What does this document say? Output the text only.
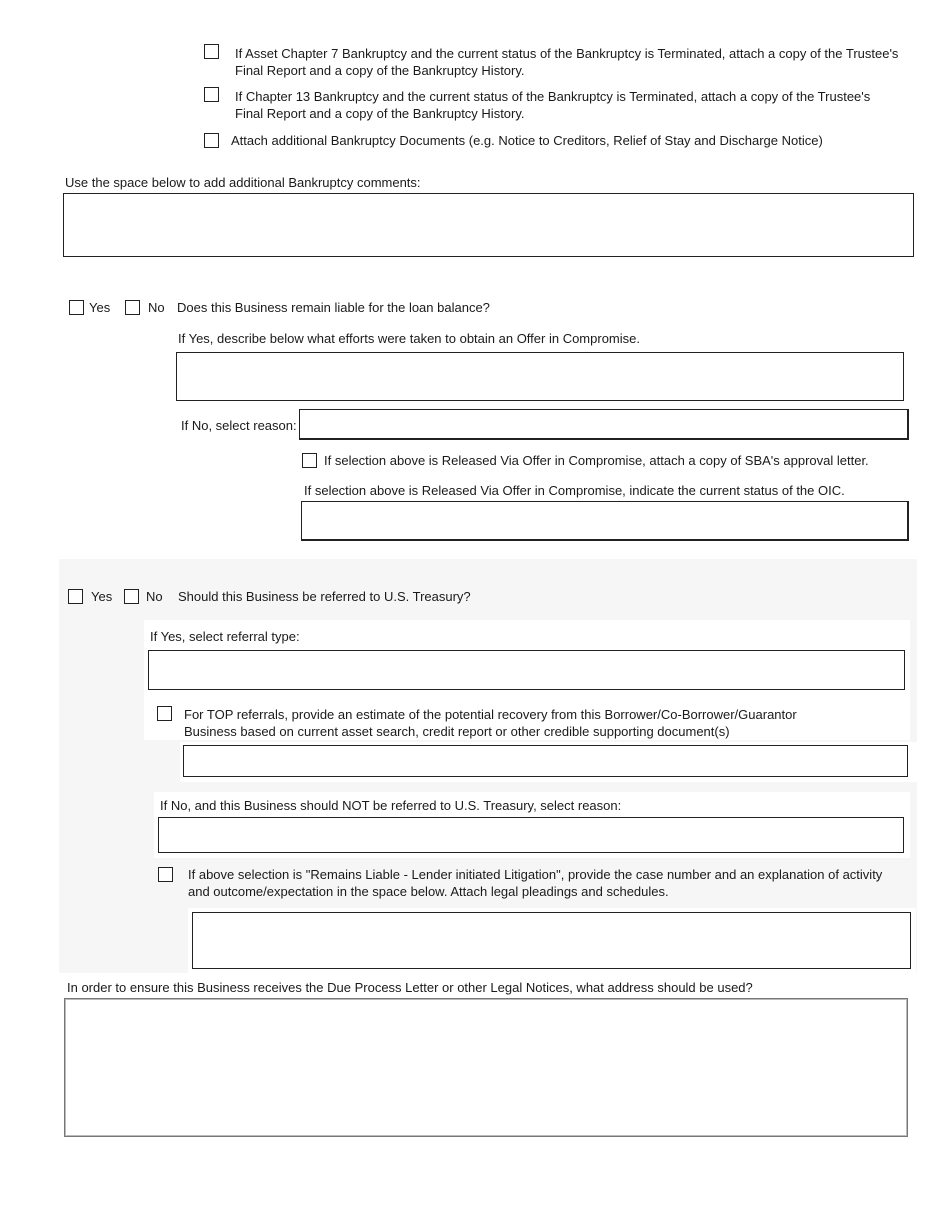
If Asset Chapter 7 Bankruptcy and the current status of the Bankruptcy is Terminated, attach a copy of the Trustee's
Final Report and a copy of the Bankruptcy History.
If Chapter 13 Bankruptcy and the current status of the Bankruptcy is Terminated, attach a copy of the Trustee's
Final Report and a copy of the Bankruptcy History.
Attach additional Bankruptcy Documents (e.g. Notice to Creditors, Relief of Stay and Discharge Notice)
Use the space below to add additional Bankruptcy comments:
Yes	No Does this Business remain liable for the loan balance?
If Yes, describe below what efforts were taken to obtain an Offer in Compromise.
If No, select reason:
If selection above is Released Via Offer in Compromise, attach a copy of SBA's approval letter.
If selection above is Released Via Offer in Compromise, indicate the current status of the OIC.
Yes	No Should this Business be referred to U.S. Treasury?
If Yes, select referral type:
For TOP referrals, provide an estimate of the potential recovery from this Borrower/Co-Borrower/Guarantor
Business based on current asset search, credit report or other credible supporting document(s)
If No, and this Business should NOT be referred to U.S. Treasury, select reason:
If above selection is "Remains Liable - Lender initiated Litigation", provide the case number and an explanation of activity
and outcome/expectation in the space below. Attach legal pleadings and schedules.
In order to ensure this Business receives the Due Process Letter or other Legal Notices, what address should be used?
